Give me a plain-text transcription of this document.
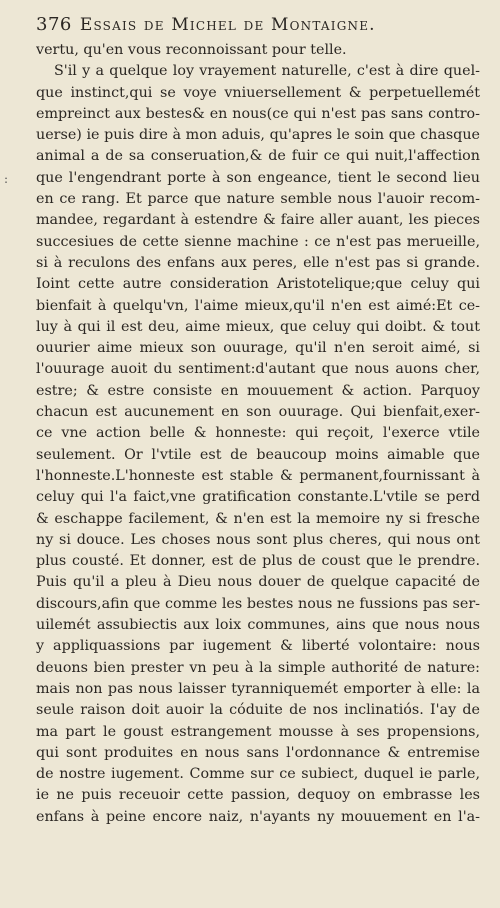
376 Essais de Michel de Montaigne.
:
vertu, qu'en vous reconnoissant pour telle.
S'il y a quelque loy vrayement naturelle, c'est à dire quel-
que instinct,qui se voye vniuersellement & perpetuellemét
empreinct aux bestes& en nous(ce qui n'est pas sans contro-
uerse) ie puis dire à mon aduis, qu'apres le soin que chasque
animal a de sa conseruation,& de fuir ce qui nuit,l'affection
que l'engendrant porte à son engeance, tient le second lieu
en ce rang. Et parce que nature semble nous l'auoir recom-
mandee, regardant à estendre & faire aller auant, les pieces
succesiues de cette sienne machine : ce n'est pas merueille,
si à reculons des enfans aux peres, elle n'est pas si grande.
Ioint cette autre consideration Aristotelique;que celuy qui
bienfait à quelqu'vn, l'aime mieux,qu'il n'en est aimé:Et ce-
luy à qui il est deu, aime mieux, que celuy qui doibt. & tout
ouurier aime mieux son ouurage, qu'il n'en seroit aimé, si
l'ouurage auoit du sentiment:d'autant que nous auons cher,
estre; & estre consiste en mouuement & action. Parquoy
chacun est aucunement en son ouurage. Qui bienfait,exer-
ce vne action belle & honneste: qui reçoit, l'exerce vtile
seulement. Or l'vtile est de beaucoup moins aimable que
l'honneste.L'honneste est stable & permanent,fournissant à
celuy qui l'a faict,vne gratification constante.L'vtile se perd
& eschappe facilement, & n'en est la memoire ny si fresche
ny si douce. Les choses nous sont plus cheres, qui nous ont
plus cousté. Et donner, est de plus de coust que le prendre.
Puis qu'il a pleu à Dieu nous douer de quelque capacité de
discours,afin que comme les bestes nous ne fussions pas ser-
uilemét assubiectis aux loix communes, ains que nous nous
y appliquassions par iugement & liberté volontaire: nous
deuons bien prester vn peu à la simple authorité de nature:
mais non pas nous laisser tyranniquemét emporter à elle: la
seule raison doit auoir la códuite de nos inclinatiós. I'ay de
ma part le goust estrangement mousse à ses propensions,
qui sont produites en nous sans l'ordonnance & entremise
de nostre iugement. Comme sur ce subiect, duquel ie parle,
ie ne puis receuoir cette passion, dequoy on embrasse les
enfans à peine encore naiz, n'ayants ny mouuement en l'a-
